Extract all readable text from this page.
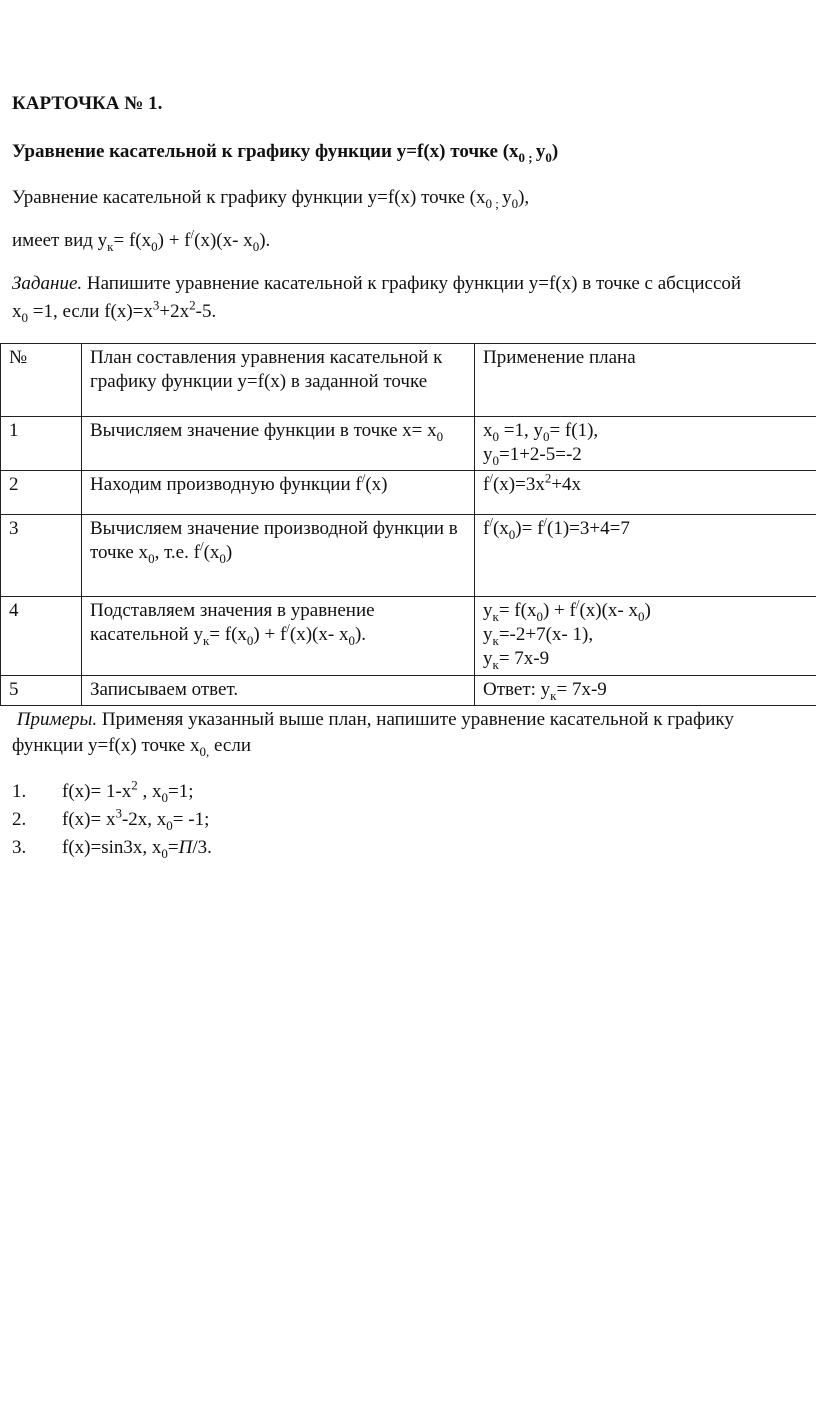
КАРТОЧКА № 1.
Уравнение касательной к графику функции y=f(x) точке ($x_0$ $_;$ $y_0$)
Уравнение касательной к графику функции y=f(x) точке ($x_0$ $_;$ $y_0$),
имеет вид $y_к= f(x_0) + f^/(x)(x-$ $x_0$).
Задание. Напишите уравнение касательной к графику функции y=f(x) в точке с абсциссой
$x_0 =1$, если $f(x)=x^3+2x^2-5$.
№	План составления уравнения касательной к графику функции y=f(x) в заданной точке	Применение плана
1	Вычисляем значение функции в точке $x= x_0$	$x_0 =1$, $y_0= f(1)$,
$y_0=1+2-5=-2$
2	Находим производную функции f/(x)	$f^/(x)=3x^2+4x$
3	Вычисляем значение производной функции в точке $x_0$, т.е. $f^/(x_0)$	$f^/(x_0)= f^/(1)=3+4=7$
4	Подставляем значения в уравнение касательной $y_к= f(x_0) + f^/(x)(x-$ $x_0$).	$y_к= f(x_0) + f^/(x)(x-$ $x_0$)
$y_к=-2+7(x-$ 1),
$y_к= 7x-9$
5	Записываем ответ.	Ответ: $y_к= 7x-9$
Примеры. Применяя указанный выше план, напишите уравнение касательной к графику
функции y=f(x) точке $x_{0,}$ если
1. $f(x)= 1-x^2$ , $x_0=1$;
2. $f(x)= x^3-2x$, $x_0= -1$;
3. f(x)=sin3x, $x_0=П/3$.
